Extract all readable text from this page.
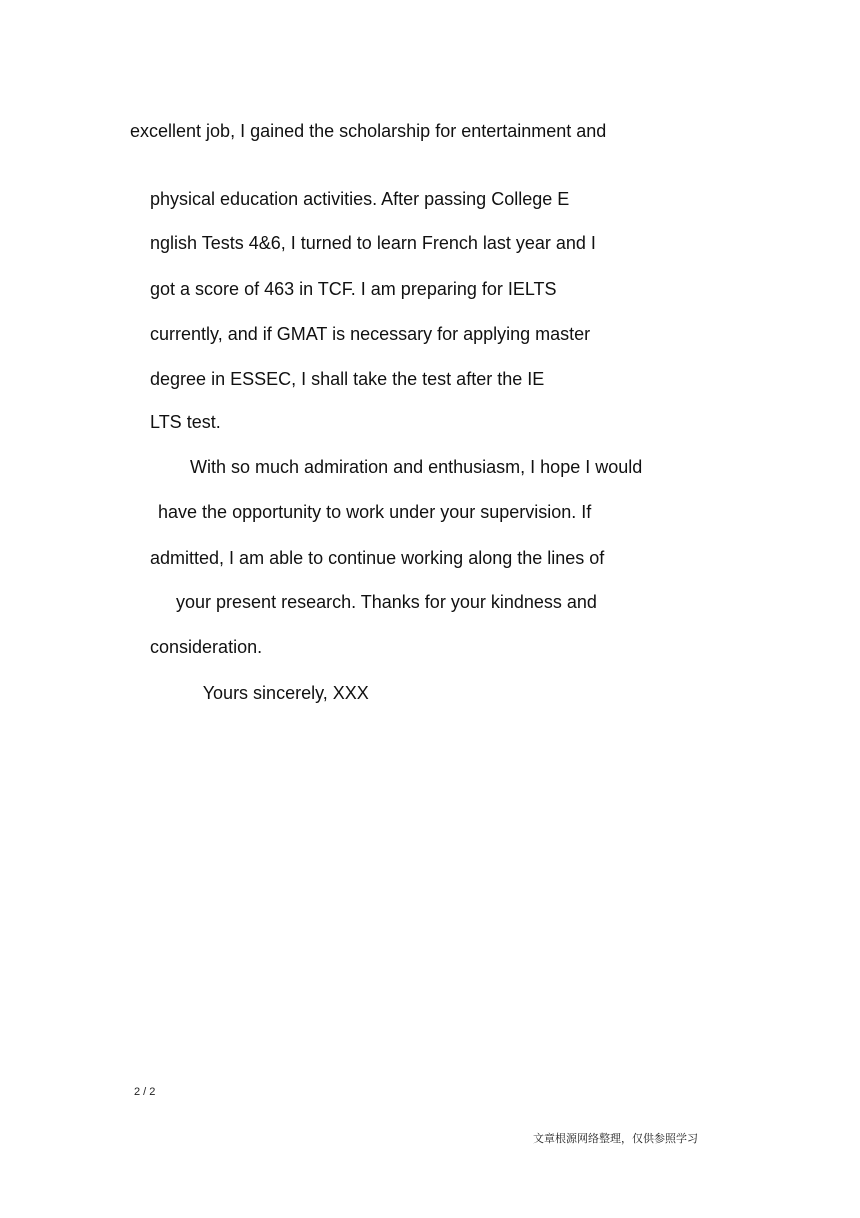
excellent job, I gained the scholarship for entertainment and

physical education activities. After passing College E

nglish Tests 4&6, I turned to learn French last year and I

got a score of 463 in TCF. I am preparing for IELTS

currently, and if GMAT is necessary for applying master

degree in ESSEC, I shall take the test after the IE

LTS test.

With so much admiration and enthusiasm, I hope I would

have the opportunity to work under your supervision. If

admitted, I am able to continue working along the lines of

your present research. Thanks for your kindness and

consideration.

Yours sincerely, XXX

2 / 2
文章根源网络整理，仅供参照学习
